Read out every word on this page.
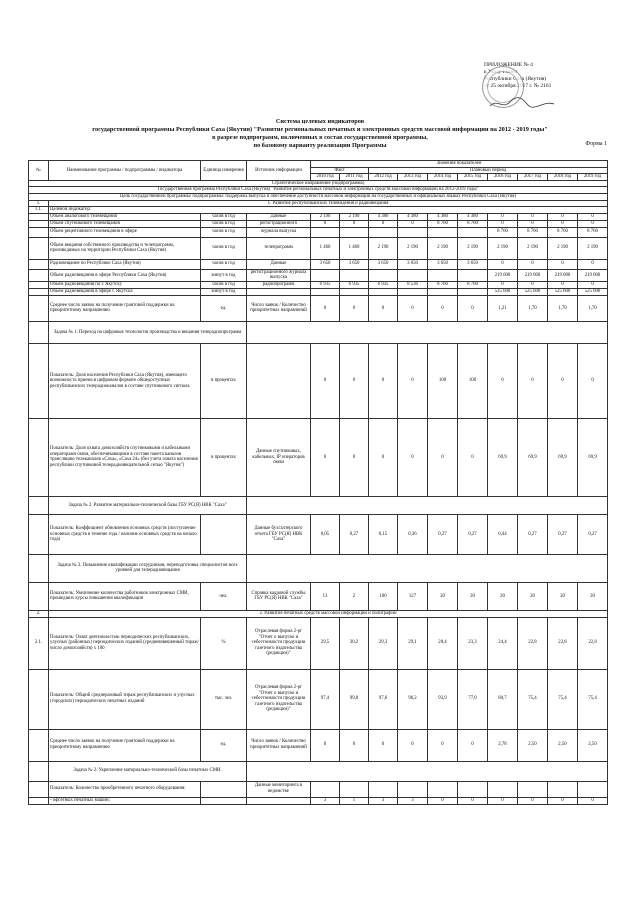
ПРИЛОЖЕНИЕ № 4
к Указу Главы
Республики Саха (Якутия)
от 25 октября 2017 г. № 2161
Форма 1
Система целевых индикаторов
государственной программы Республики Саха (Якутия) "Развитие региональных печатных и электронных средств массовой информации на 2012 - 2019 годы"
в разрезе подпрограмм, включенных в состав государственной программы,
по базовому варианту реализации Программы
№	Наименование программы / подпрограммы / индикатора	Единица измерения	Источник информации	Значения показателей									
				Факт		Плановый период							
				2010 год	2011 год	2012 год	2013 год	2014 год	2015 год	2016 год	2017 год	2018 год	2019 год
Стратегическое направление (подпрограмма)													
Государственная программа Республики Саха (Якутия) "Развитие региональных печатных и электронных средств массовой информации на 2012-2019 годы"													
Цель государственной программы/ подпрограммы: поддержка выпуска и обеспечение доступности массовой информации на государственных и официальных языках Республики Саха (Якутия)													
1.	1. Развитие республиканских телевидения и радиовещания												
1.1.	Целевой индикатор:												
	Объем аналогового телевещания	часов в год	Данные	2 190	2 190	4 380	4 380	4 380	4 380	0	0	0	0
	Объем спутникового телевещания	часов в год	регистрационного	0	0	0	0	8 760	8 760	0	0	0	0
	Объем рецептивного телевещания в эфире	часов в год	журнала выпуска							8 760	8 760	8 760	8 760
	Объем вещания собственного производства и телепрограмм, производимых на территории Республики Саха (Якутия)	часов в год	телепрограмм	1 460	1 460	2 190	2 190	2 190	2 190	2 190	2 190	2 190	2 190
	Радиовещание по Республике Саха (Якутия)	часов в год	Данные	3 650	3 650	3 650	3 650	3 650	3 650	0	0	0	0
	Объем радиовещания в эфире Республики Саха (Якутия)	минут в год	регистрационного журнала выпуска							219 600	219 000	219 000	219 000
	Объем радиовещания по г. Якутску	часов в год	радиопрограмм	6 935	6 935	6 935	8 536	8 760	8 760	0	0	0	0
	Объем радиовещания в эфире г. Якутска	минут в год								525 600	525 600	525 600	525 600
	Среднее число заявок на получение грантовой поддержки на приоритетному направлению	ед.	Число заявок / Количество приоритетных направлений	0	0	0	0	0	0	1,21	1,70	1,70	1,70
	Задача № 1. Переход на цифровые технологии производства и вещания телерадиопрограмм												
	Показатель: Доля населения Республики Саха (Якутия), имеющего возможность приема в цифровом формате общедоступных республиканских телерадиоканалов в составе спутникового сигнала	в процентах		0	0	0	0	100	100	0	0	0	0
	Показатель: Доля охвата домохозяйств спутниковыми и кабельными операторами связи, обеспечивающими в составе пакета каналов трансляцию телеканалов «Саха», «Саха 24» (без учета охвата населения республики спутниковой телерадиовещательной сетью "Якутия")	в процентах	Данные спутниковых, кабельных, IP операторов связи	0	0	0	0	0	0	69,9	69,9	69,9	69,9
	Задача № 2. Развитие материально-технической базы ГБУ РС(Я) НВК "Саха"												
	Показатель: Коэффициент обновления основных средств (поступление основных средств в течение года / наличие основных средств на начало года)		Данные бухгалтерского отчета ГБУ РС(Я) НВК "Саха"	0,05	0,27	0,15	0,36	0,27	0,27	0,44	0,27	0,27	0,27
	Задача № 3. Повышение квалификации сотрудников, переподготовка специалистов всех уровней для телерадиовещания												
	Показатель: Увеличение количества работников электронных СМИ, прошедших курсы повышения квалификации	чел.	Справка кадровой службы ГБУ РС(Я) НВК "Саха"	13	2	100	127	20	20	20	20	20	20
2.	2. Развитие печатных средств массовой информации и полиграфии												
2.1.	Показатель: Охват деятельностью периодических республиканских, улусных (районных) периодических изданий (средневзвешенный тираж/число домохозяйств) х 100	%	Отраслевая форма 2-рг "Отчет о выпуске и себестоимости продукции газетного издательства (редакции)"	29,5	30,2	29,3	29,1	28,4	23,3	24,4	22,8	22,8	22,8
	Показатель: Общий среднеразовый тираж республиканских и улусных (городских) периодических печатных изданий	тыс. экз.	Отраслевая форма 2-рг "Отчет о выпуске и себестоимости продукции газетного издательства (редакции)"	97,4	99,8	97,6	96,2	93,9	77,0	80,7	75,4	75,4	75,4
	Среднее число заявок на получение грантовой поддержки на приоритетному направлению	ед.	Число заявок / Количество приоритетных направлений	0	0	0	0	0	0	2,78	2,50	2,50	2,50
	Задача № 2. Укрепление материально-технической базы печатных СМИ.												
	Показатель: Количество приобретенного печатного оборудования:		Данные мониторинга в ведомстве										
	- офсетных печатных машин;			3	1	3	3	0	0	0	0	0	0
